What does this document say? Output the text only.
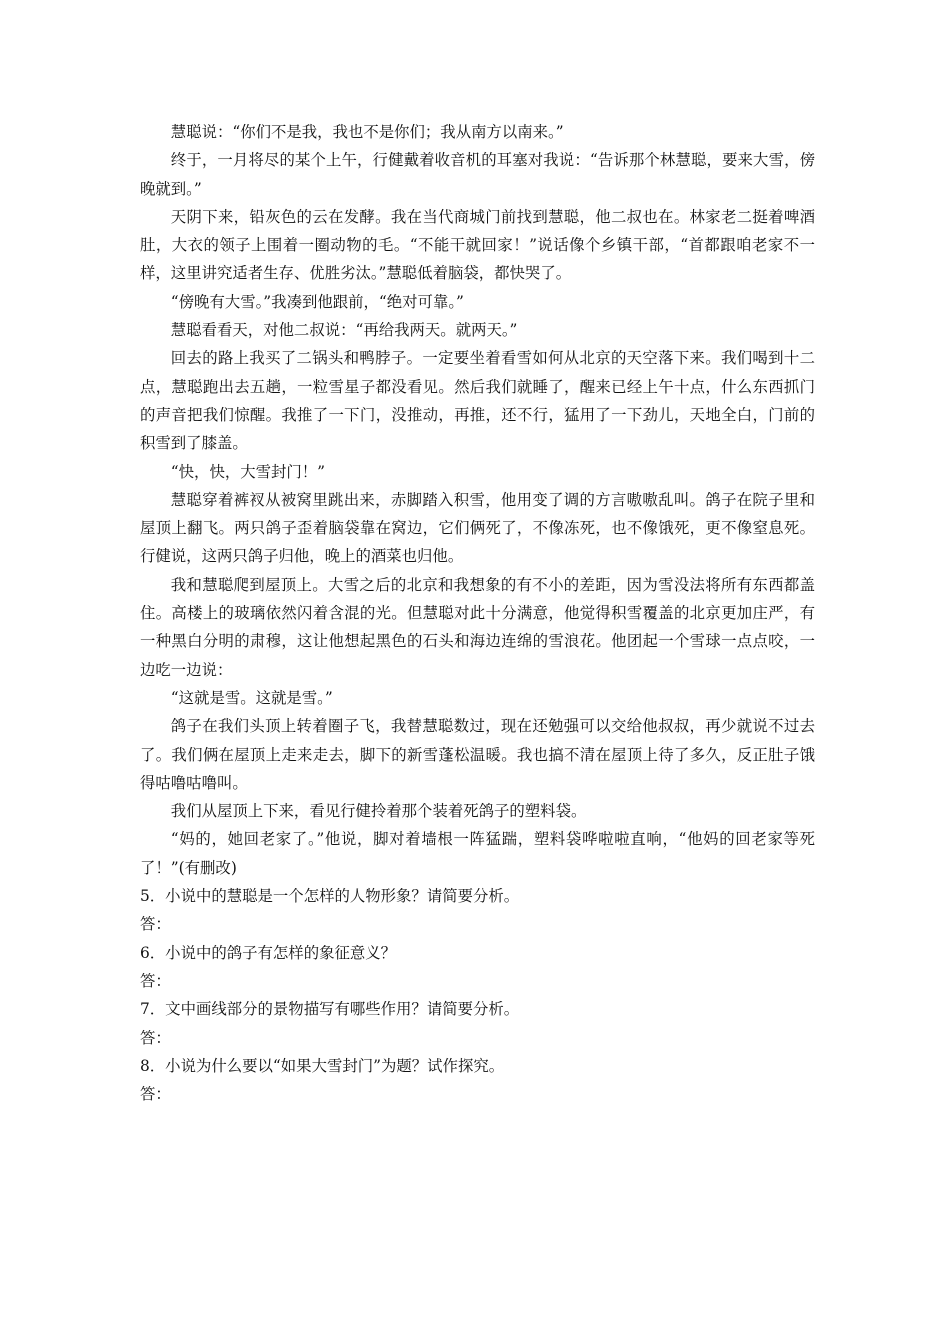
慧聪说：“你们不是我，我也不是你们；我从南方以南来。”

终于，一月将尽的某个上午，行健戴着收音机的耳塞对我说：“告诉那个林慧聪，要来大雪，傍晚就到。”

天阴下来，铅灰色的云在发酵。我在当代商城门前找到慧聪，他二叔也在。林家老二挺着啤酒肚，大衣的领子上围着一圈动物的毛。“不能干就回家！”说话像个乡镇干部，“首都跟咱老家不一样，这里讲究适者生存、优胜劣汰。”慧聪低着脑袋，都快哭了。

“傍晚有大雪。”我凑到他跟前，“绝对可靠。”

慧聪看看天，对他二叔说：“再给我两天。就两天。”

回去的路上我买了二锅头和鸭脖子。一定要坐着看雪如何从北京的天空落下来。我们喝到十二点，慧聪跑出去五趟，一粒雪星子都没看见。然后我们就睡了，醒来已经上午十点，什么东西抓门的声音把我们惊醒。我推了一下门，没推动，再推，还不行，猛用了一下劲儿，天地全白，门前的积雪到了膝盖。

“快，快，大雪封门！”

慧聪穿着裤衩从被窝里跳出来，赤脚踏入积雪，他用变了调的方言嗷嗷乱叫。鸽子在院子里和屋顶上翻飞。两只鸽子歪着脑袋靠在窝边，它们俩死了，不像冻死，也不像饿死，更不像窒息死。行健说，这两只鸽子归他，晚上的酒菜也归他。

我和慧聪爬到屋顶上。大雪之后的北京和我想象的有不小的差距，因为雪没法将所有东西都盖住。高楼上的玻璃依然闪着含混的光。但慧聪对此十分满意，他觉得积雪覆盖的北京更加庄严，有一种黑白分明的肃穆，这让他想起黑色的石头和海边连绵的雪浪花。他团起一个雪球一点点咬，一边吃一边说：

“这就是雪。这就是雪。”

鸽子在我们头顶上转着圈子飞，我替慧聪数过，现在还勉强可以交给他叔叔，再少就说不过去了。我们俩在屋顶上走来走去，脚下的新雪蓬松温暖。我也搞不清在屋顶上待了多久，反正肚子饿得咕噜咕噜叫。

我们从屋顶上下来，看见行健拎着那个装着死鸽子的塑料袋。

“妈的，她回老家了。”他说，脚对着墙根一阵猛踹，塑料袋哗啦啦直响，“他妈的回老家等死了！”(有删改)

5．小说中的慧聪是一个怎样的人物形象？请简要分析。

答：

6．小说中的鸽子有怎样的象征意义？

答：

7．文中画线部分的景物描写有哪些作用？请简要分析。

答：

8．小说为什么要以“如果大雪封门”为题？试作探究。

答：
